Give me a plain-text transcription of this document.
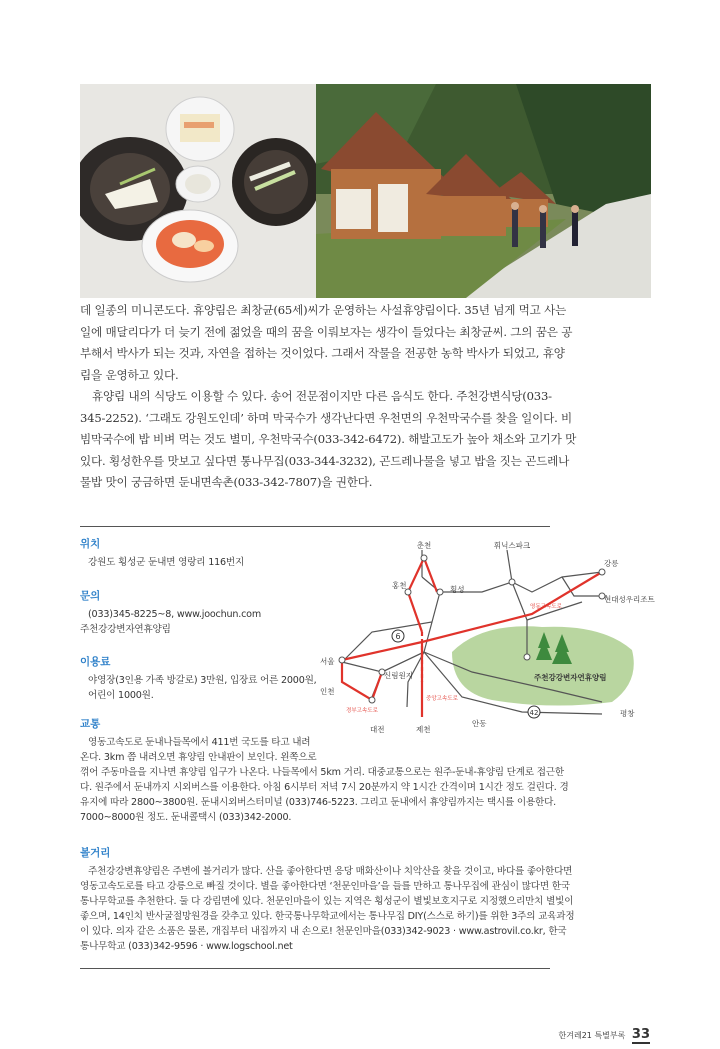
데 일종의 미니콘도다. 휴양림은 최창균(65세)씨가 운영하는 사설휴양림이다. 35년 넘게 먹고 사는
일에 매달리다가 더 늦기 전에 젊었을 때의 꿈을 이뤄보자는 생각이 들었다는 최창균씨. 그의 꿈은 공
부해서 박사가 되는 것과, 자연을 접하는 것이었다. 그래서 작물을 전공한 농학 박사가 되었고, 휴양
림을 운영하고 있다.

휴양림 내의 식당도 이용할 수 있다. 송어 전문점이지만 다른 음식도 한다. 주천강변식당(033-
345-2252). ‘그래도 강원도인데’ 하며 막국수가 생각난다면 우천면의 우천막국수를 찾을 일이다. 비
빔막국수에 밥 비벼 먹는 것도 별미, 우천막국수(033-342-6472). 해발고도가 높아 채소와 고기가 맛
있다. 횡성한우를 맛보고 싶다면 통나무집(033-344-3232), 곤드레나물을 넣고 밥을 짓는 곤드레나
물밥 맛이 궁금하면 둔내면속촌(033-342-7807)을 권한다.

위치
강원도 횡성군 둔내면 영랑리 116번지
문의
(033)345-8225~8, www.joochun.com
주천강강변자연휴양림
이용료
야영장(3인용 가족 방갈로) 3만원, 입장료 어른 2000원,
어린이 1000원.
교통
영동고속도로 둔내나들목에서 411번 국도를 타고 내려
온다. 3km 쯤 내려오면 휴양림 안내판이 보인다. 왼쪽으로
꺾어 주동마을을 지나면 휴양림 입구가 나온다. 나들목에서 5km 거리. 대중교통으로는 원주-둔내-휴양림 단계로 접근한
다. 원주에서 둔내까지 시외버스를 이용한다. 아침 6시부터 저녁 7시 20분까지 약 1시간 간격이며 1시간 정도 걸린다. 경
유지에 따라 2800~3800원. 둔내시외버스터미널 (033)746-5223. 그리고 둔내에서 휴양림까지는 택시를 이용한다.
7000~8000원 정도. 둔내콜택시 (033)342-2000.
볼거리
주천강강변휴양림은 주변에 볼거리가 많다. 산을 좋아한다면 응당 매화산이나 치악산을 찾을 것이고, 바다를 좋아한다면
영동고속도로를 타고 강릉으로 빠질 것이다. 별을 좋아한다면 ‘천문인마을’을 들를 만하고 통나무집에 관심이 많다면 한국
통나무학교를 추천한다. 둘 다 강림면에 있다. 천문인마을이 있는 지역은 횡성군이 별빛보호지구로 지정했으리만치 별빛이
좋으며, 14인치 반사굴절망원경을 갖추고 있다. 한국통나무학교에서는 통나무집 DIY(스스로 하기)를 위한 3주의 교육과정
이 있다. 의자 같은 소품은 물론, 개집부터 내집까지 내 손으로! 천문인마을(033)342-9023 · www.astrovil.co.kr, 한국
통나무학교 (033)342-9596 · www.logschool.net
6
42
춘천	휘닉스파크
강릉
현대성우리조트
홍천	횡성
서울
신림원지
인천
대전	제천
안동
평창
주천강강변자연휴양림
영동고속도로
중앙고속도로
경부고속도로
한겨레21 특별부록 33
